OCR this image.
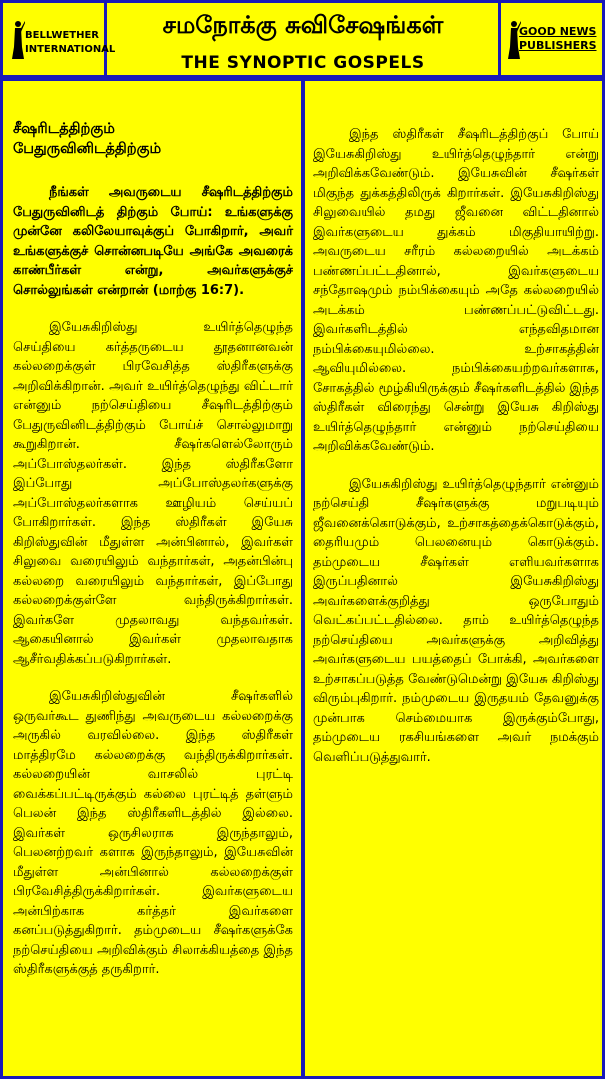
BELLWETHER
INTERNATIONAL
சமநோக்கு சுவிசேஷங்கள்
THE SYNOPTIC GOSPELS
GOOD NEWS
PUBLISHERS
சீஷரிடத்திற்கும்
பேதுருவினிடத்திற்கும்

நீங்கள் அவருடைய சீஷரிடத்திற்கும் பேதுருவினிடத் திற்கும் போய்: உங்களுக்கு முன்னே கலிலேயாவுக்குப் போகிறார், அவர் உங்களுக்குச் சொன்னபடியே அங்கே அவரைக் காண்பீர்கள் என்று, அவர்களுக்குச் சொல்லுங்கள் என்றான் (மாற்கு 16:7).

இயேசுகிறிஸ்து உயிர்த்தெழுந்த செய்தியை கர்த்தருடைய தூதனானவன் கல்லறைக்குள் பிரவேசித்த ஸ்திரீகளுக்கு அறிவிக்கிறான். அவர் உயிர்த்தெழுந்து விட்டார் என்னும் நற்செய்தியை சீஷரிடத்திற்கும் பேதுருவினிடத்திற்கும் போய்ச் சொல்லுமாறு கூறுகிறான். சீஷர்களெல்லோரும் அப்போஸ்தலர்கள். இந்த ஸ்திரீகளோ இப்போது அப்போஸ்தலர்களுக்கு அப்போஸ்தலர்களாக ஊழியம் செய்யப் போகிறார்கள். இந்த ஸ்திரீகள் இயேசு கிறிஸ்துவின் மீதுள்ள அன்பினால், இவர்கள் சிலுவை வரையிலும் வந்தார்கள், அதன்பின்பு கல்லறை வரையிலும் வந்தார்கள், இப்போது கல்லறைக்குள்ளே வந்திருக்கிறார்கள். இவர்களே முதலாவது வந்தவர்கள். ஆகையினால் இவர்கள் முதலாவதாக ஆசீர்வதிக்கப்படுகிறார்கள்.

இயேசுகிறிஸ்துவின் சீஷர்களில் ஒருவர்கூட துணிந்து அவருடைய கல்லறைக்கு அருகில் வரவில்லை. இந்த ஸ்திரீகள் மாத்திரமே கல்லறைக்கு வந்திருக்கிறார்கள். கல்லறையின் வாசலில் புரட்டி வைக்கப்பட்டிருக்கும் கல்லை புரட்டித் தள்ளும் பெலன் இந்த ஸ்திரீகளிடத்தில் இல்லை. இவர்கள் ஒருசிலராக இருந்தாலும், பெலனற்றவர் களாக இருந்தாலும், இயேசுவின் மீதுள்ள அன்பினால் கல்லறைக்குள் பிரவேசித்திருக்கிறார்கள். இவர்களுடைய அன்பிற்காக கர்த்தர் இவர்களை கனப்படுத்துகிறார். தம்முடைய சீஷர்களுக்கே நற்செய்தியை அறிவிக்கும் சிலாக்கியத்தை இந்த ஸ்திரீகளுக்குத் தருகிறார்.

இந்த ஸ்திரீகள் சீஷரிடத்திற்குப் போய் இயேசுகிறிஸ்து உயிர்த்தெழுந்தார் என்று அறிவிக்கவேண்டும். இயேசுவின் சீஷர்கள் மிகுந்த துக்கத்திலிருக் கிறார்கள். இயேசுகிறிஸ்து சிலுவையில் தமது ஜீவனை விட்டதினால் இவர்களுடைய துக்கம் மிகுதியாயிற்று. அவருடைய சரீரம் கல்லறையில் அடக்கம் பண்ணப்பட்டதினால், இவர்களுடைய சந்தோஷமும் நம்பிக்கையும் அதே கல்லறையில் அடக்கம் பண்ணப்பட்டுவிட்டது. இவர்களிடத்தில் எந்தவிதமான நம்பிக்கையுமில்லை. உற்சாகத்தின் ஆவியுமில்லை. நம்பிக்கையற்றவர்களாக, சோகத்தில் மூழ்கியிருக்கும் சீஷர்களிடத்தில் இந்த ஸ்திரீகள் விரைந்து சென்று இயேசு கிறிஸ்து உயிர்த்தெழுந்தார் என்னும் நற்செய்தியை அறிவிக்கவேண்டும்.

இயேசுகிறிஸ்து உயிர்த்தெழுந்தார் என்னும் நற்செய்தி சீஷர்களுக்கு மறுபடியும் ஜீவனைக்கொடுக்கும், உற்சாகத்தைக்கொடுக்கும், தைரியமும் பெலனையும் கொடுக்கும். தம்முடைய சீஷர்கள் எளியவர்களாக இருப்பதினால் இயேசுகிறிஸ்து அவர்களைக்குறித்து ஒருபோதும் வெட்கப்பட்டதில்லை. தாம் உயிர்த்தெழுந்த நற்செய்தியை அவர்களுக்கு அறிவித்து அவர்களுடைய பயத்தைப் போக்கி, அவர்களை உற்சாகப்படுத்த வேண்டுமென்று இயேசு கிறிஸ்து விரும்புகிறார். நம்முடைய இருதயம் தேவனுக்கு முன்பாக செம்மையாக இருக்கும்போது, தம்முடைய ரகசியங்களை அவர் நமக்கும் வெளிப்படுத்துவார்.
